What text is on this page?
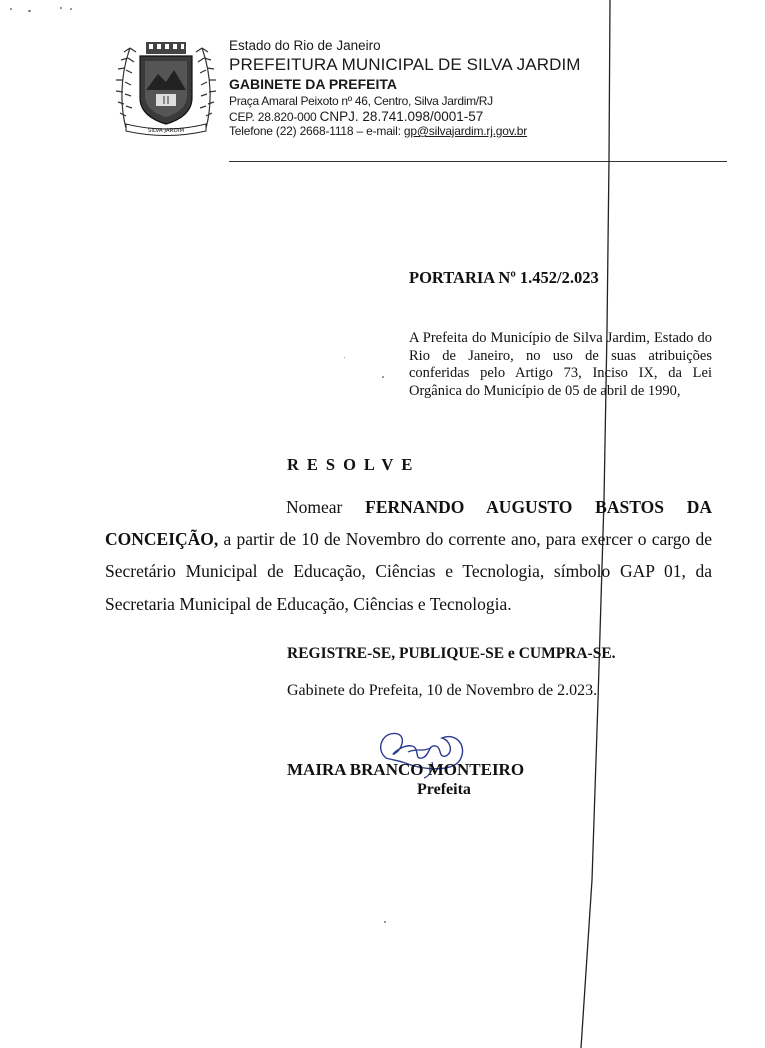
SILVA JARDIM
Estado do Rio de Janeiro
PREFEITURA MUNICIPAL DE SILVA JARDIM
GABINETE DA PREFEITA
Praça Amaral Peixoto nº 46, Centro, Silva Jardim/RJ
CEP. 28.820-000 CNPJ. 28.741.098/0001-57
Telefone (22) 2668-1118 – e-mail: gp@silvajardim.rj.gov.br
PORTARIA Nº 1.452/2.023
A Prefeita do Município de Silva Jardim, Estado do Rio de Janeiro, no uso de suas atribuições conferidas pelo Artigo 73, Inciso IX, da Lei Orgânica do Município de 05 de abril de 1990,
RESOLVE
Nomear FERNANDO AUGUSTO BASTOS DA CONCEIÇÃO, a partir de 10 de Novembro do corrente ano, para exercer o cargo de Secretário Municipal de Educação, Ciências e Tecnologia, símbolo GAP 01, da Secretaria Municipal de Educação, Ciências e Tecnologia.
REGISTRE-SE, PUBLIQUE-SE e CUMPRA-SE.
Gabinete do Prefeita, 10 de Novembro de 2.023.
MAIRA BRANCO MONTEIRO
Prefeita
